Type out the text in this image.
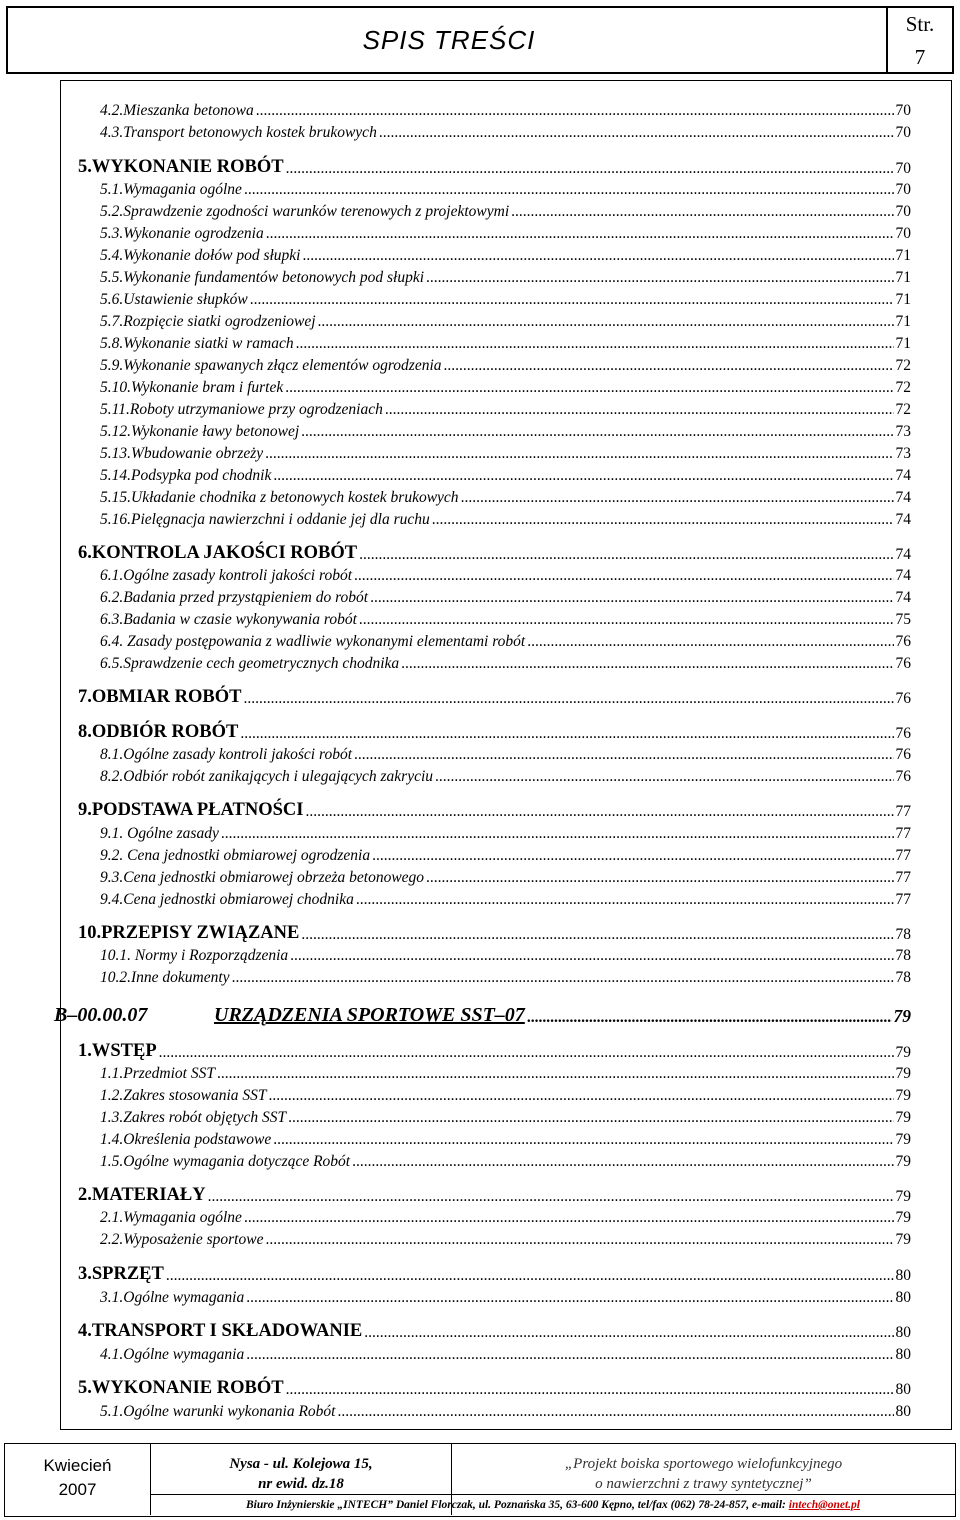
SPIS TREŚCI
Str.
7
4.2.Mieszanka betonowa .....	70
4.3.Transport betonowych kostek brukowych .....	70
5.WYKONANIE ROBÓT .....	70
5.1.Wymagania ogólne .....	70
5.2.Sprawdzenie zgodności warunków terenowych z projektowymi .....	70
5.3.Wykonanie ogrodzenia .....	70
5.4.Wykonanie dołów pod słupki .....	71
5.5.Wykonanie fundamentów betonowych pod słupki .....	71
5.6.Ustawienie słupków .....	71
5.7.Rozpięcie siatki ogrodzeniowej .....	71
5.8.Wykonanie siatki w ramach .....	71
5.9.Wykonanie spawanych złącz elementów ogrodzenia .....	72
5.10.Wykonanie bram i furtek .....	72
5.11.Roboty utrzymaniowe przy ogrodzeniach .....	72
5.12.Wykonanie ławy betonowej .....	73
5.13.Wbudowanie obrzeży .....	73
5.14.Podsypka pod chodnik .....	74
5.15.Układanie chodnika z betonowych kostek brukowych .....	74
5.16.Pielęgnacja nawierzchni i oddanie jej dla ruchu .....	74
6.KONTROLA JAKOŚCI ROBÓT .....	74
6.1.Ogólne zasady kontroli jakości robót .....	74
6.2.Badania przed przystąpieniem do robót .....	74
6.3.Badania w czasie wykonywania robót .....	75
6.4. Zasady postępowania z wadliwie wykonanymi elementami robót .....	76
6.5.Sprawdzenie cech geometrycznych chodnika .....	76
7.OBMIAR ROBÓT .....	76
8.ODBIÓR ROBÓT .....	76
8.1.Ogólne zasady kontroli jakości robót .....	76
8.2.Odbiór robót zanikających i ulegających zakryciu .....	76
9.PODSTAWA PŁATNOŚCI .....	77
9.1. Ogólne zasady .....	77
9.2. Cena jednostki obmiarowej ogrodzenia .....	77
9.3.Cena jednostki obmiarowej obrzeża betonowego .....	77
9.4.Cena jednostki obmiarowej chodnika .....	77
10.PRZEPISY ZWIĄZANE .....	78
10.1. Normy i Rozporządzenia .....	78
10.2.Inne dokumenty .....	78
B–00.00.07	URZĄDZENIA SPORTOWE SST–07 .....	79
1.WSTĘP .....	79
1.1.Przedmiot SST .....	79
1.2.Zakres stosowania SST .....	79
1.3.Zakres robót objętych SST .....	79
1.4.Określenia podstawowe .....	79
1.5.Ogólne wymagania dotyczące Robót .....	79
2.MATERIAŁY .....	79
2.1.Wymagania ogólne .....	79
2.2.Wyposażenie sportowe .....	79
3.SPRZĘT .....	80
3.1.Ogólne wymagania .....	80
4.TRANSPORT I SKŁADOWANIE .....	80
4.1.Ogólne wymagania .....	80
5.WYKONANIE ROBÓT .....	80
5.1.Ogólne warunki wykonania Robót .....	80
Kwiecień
2007
Nysa - ul. Kolejowa 15,
nr ewid. dz.18
„Projekt boiska sportowego wielofunkcyjnego
o nawierzchni z trawy syntetycznej”
Biuro Inżynierskie „INTECH” Daniel Florczak, ul. Poznańska 35, 63-600 Kępno, tel/fax (062) 78-24-857, e-mail: intech@onet.pl
